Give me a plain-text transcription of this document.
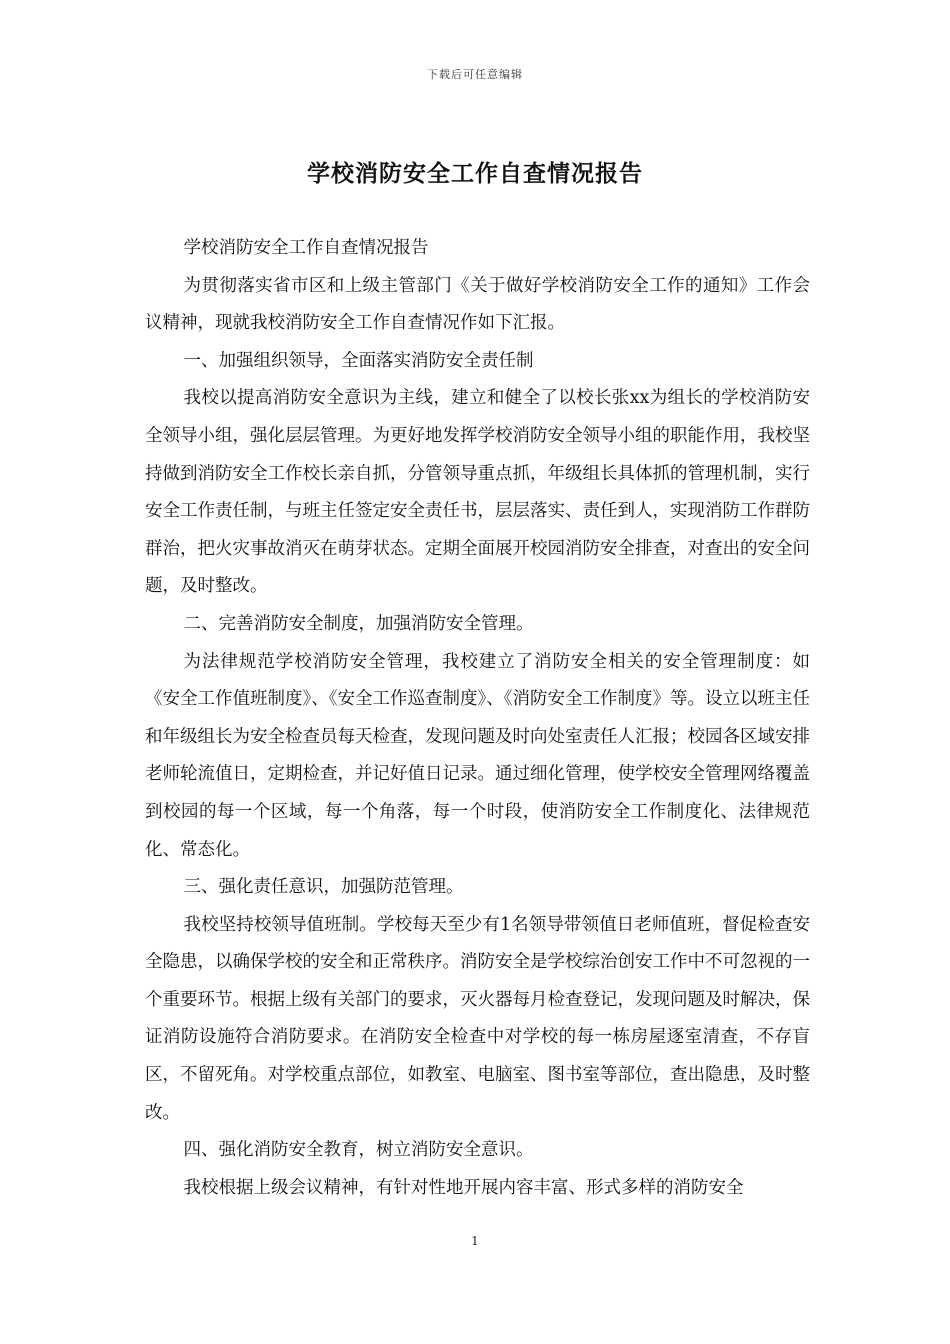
下载后可任意编辑
学校消防安全工作自查情况报告

学校消防安全工作自查情况报告

为贯彻落实省市区和上级主管部门《关于做好学校消防安全工作的通知》工作会议精神，现就我校消防安全工作自查情况作如下汇报。

一、加强组织领导，全面落实消防安全责任制

我校以提高消防安全意识为主线，建立和健全了以校长张xx为组长的学校消防安全领导小组，强化层层管理。为更好地发挥学校消防安全领导小组的职能作用，我校坚持做到消防安全工作校长亲自抓，分管领导重点抓，年级组长具体抓的管理机制，实行安全工作责任制，与班主任签定安全责任书，层层落实、责任到人，实现消防工作群防群治，把火灾事故消灭在萌芽状态。定期全面展开校园消防安全排查，对查出的安全问题，及时整改。

二、完善消防安全制度，加强消防安全管理。

为法律规范学校消防安全管理，我校建立了消防安全相关的安全管理制度：如《安全工作值班制度》、《安全工作巡查制度》、《消防安全工作制度》等。设立以班主任和年级组长为安全检查员每天检查，发现问题及时向处室责任人汇报；校园各区域安排老师轮流值日，定期检查，并记好值日记录。通过细化管理，使学校安全管理网络覆盖到校园的每一个区域，每一个角落，每一个时段，使消防安全工作制度化、法律规范化、常态化。

三、强化责任意识，加强防范管理。

我校坚持校领导值班制。学校每天至少有1名领导带领值日老师值班，督促检查安全隐患，以确保学校的安全和正常秩序。消防安全是学校综治创安工作中不可忽视的一个重要环节。根据上级有关部门的要求，灭火器每月检查登记，发现问题及时解决，保证消防设施符合消防要求。在消防安全检查中对学校的每一栋房屋逐室清查，不存盲区，不留死角。对学校重点部位，如教室、电脑室、图书室等部位，查出隐患，及时整改。

四、强化消防安全教育，树立消防安全意识。

我校根据上级会议精神，有针对性地开展内容丰富、形式多样的消防安全

1
